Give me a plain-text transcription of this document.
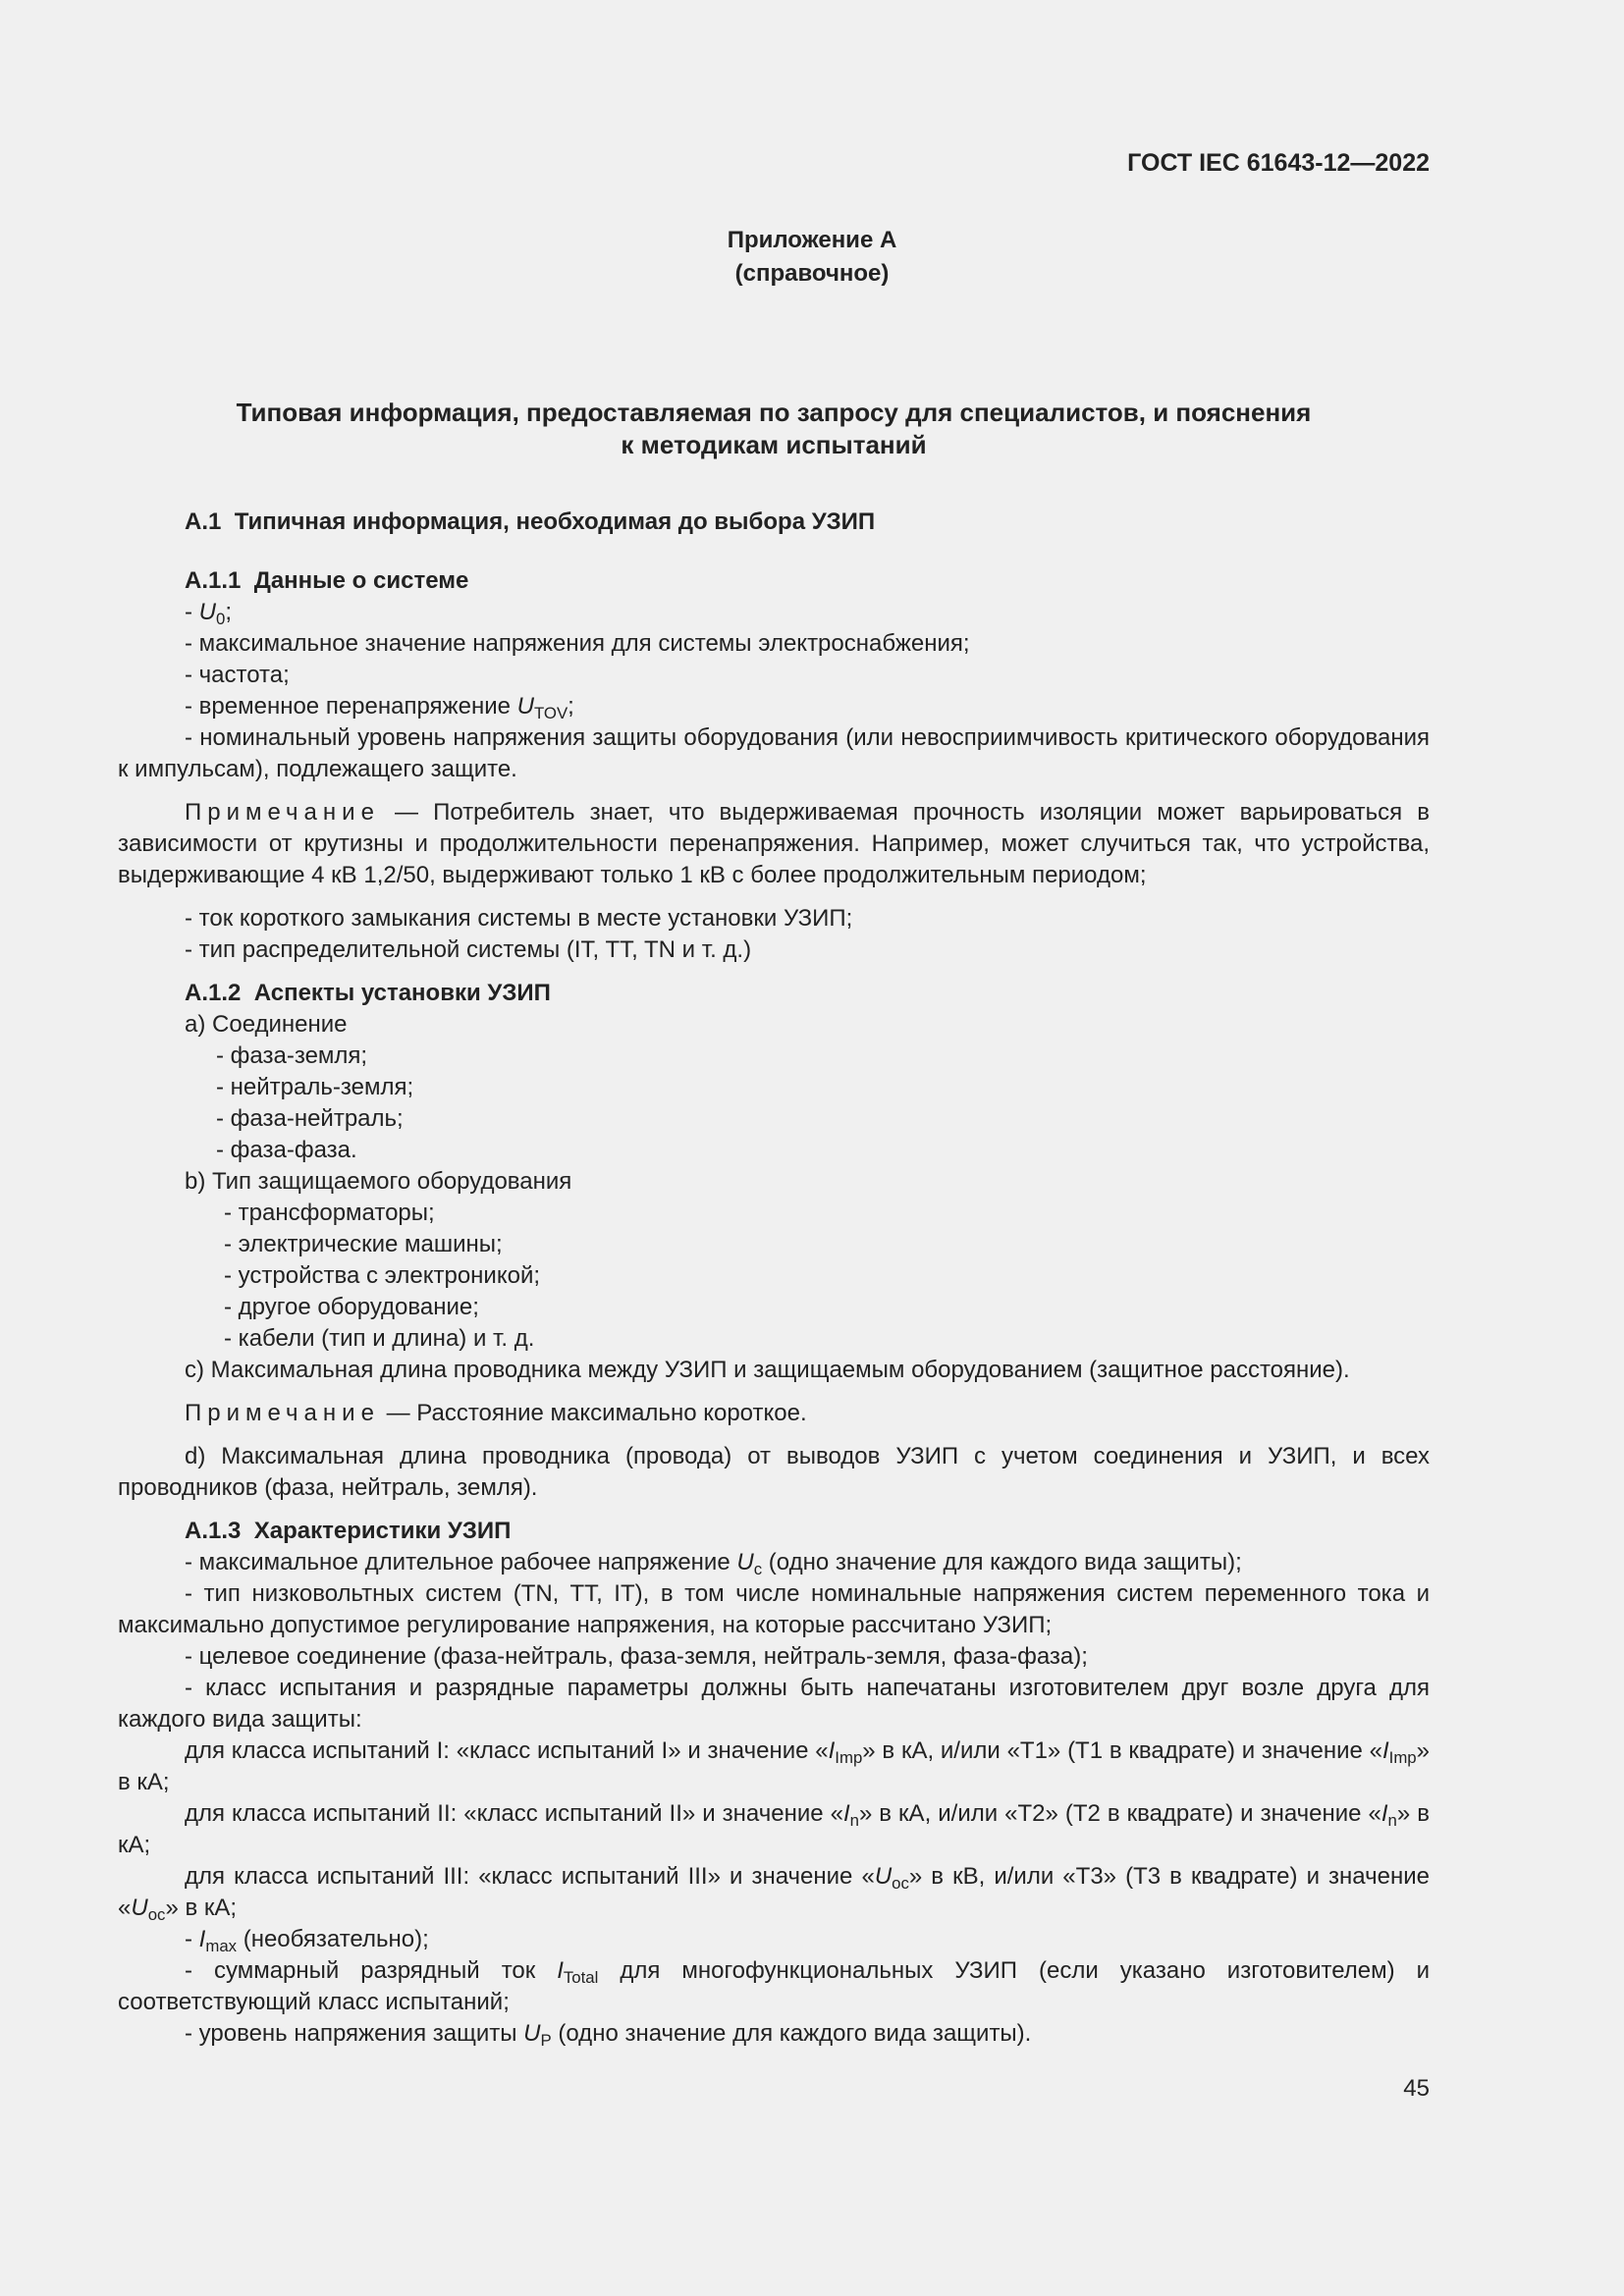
ГОСТ IEC 61643-12—2022
Приложение А
(справочное)
Типовая информация, предоставляемая по запросу для специалистов, и пояснения
к методикам испытаний

А.1 Типичная информация, необходимая до выбора УЗИП

А.1.1 Данные о системе

- $U_0$;

- максимальное значение напряжения для системы электроснабжения;

- частота;

- временное перенапряжение $U_{TOV}$;

- номинальный уровень напряжения защиты оборудования (или невосприимчивость критического оборудования к импульсам), подлежащего защите.

Примечание — Потребитель знает, что выдерживаемая прочность изоляции может варьироваться в зависимости от крутизны и продолжительности перенапряжения. Например, может случиться так, что устройства, выдерживающие 4 кВ 1,2/50, выдерживают только 1 кВ с более продолжительным периодом;

- ток короткого замыкания системы в месте установки УЗИП;

- тип распределительной системы (IT, TT, TN и т. д.)

А.1.2 Аспекты установки УЗИП

a) Соединение

- фаза-земля;

- нейтраль-земля;

- фаза-нейтраль;

- фаза-фаза.

b) Тип защищаемого оборудования

- трансформаторы;

- электрические машины;

- устройства с электроникой;

- другое оборудование;

- кабели (тип и длина) и т. д.

c) Максимальная длина проводника между УЗИП и защищаемым оборудованием (защитное расстояние).

Примечание — Расстояние максимально короткое.

d) Максимальная длина проводника (провода) от выводов УЗИП с учетом соединения и УЗИП, и всех проводников (фаза, нейтраль, земля).

А.1.3 Характеристики УЗИП

- максимальное длительное рабочее напряжение $U_c$ (одно значение для каждого вида защиты);

- тип низковольтных систем (TN, TT, IT), в том числе номинальные напряжения систем переменного тока и максимально допустимое регулирование напряжения, на которые рассчитано УЗИП;

- целевое соединение (фаза-нейтраль, фаза-земля, нейтраль-земля, фаза-фаза);

- класс испытания и разрядные параметры должны быть напечатаны изготовителем друг возле друга для каждого вида защиты:

для класса испытаний I: «класс испытаний I» и значение «$I_{Imp}$» в кА, и/или «T1» (T1 в квадрате) и значение «$I_{Imp}$» в кА;

для класса испытаний II: «класс испытаний II» и значение «$I_n$» в кА, и/или «T2» (T2 в квадрате) и значение «$I_n$» в кА;

для класса испытаний III: «класс испытаний III» и значение «$U_{oc}$» в кВ, и/или «T3» (T3 в квадрате) и значение «$U_{oc}$» в кА;

- $I_{max}$ (необязательно);

- суммарный разрядный ток $I_{Total}$ для многофункциональных УЗИП (если указано изготовителем) и соответствующий класс испытаний;

- уровень напряжения защиты $U_P$ (одно значение для каждого вида защиты).

45
